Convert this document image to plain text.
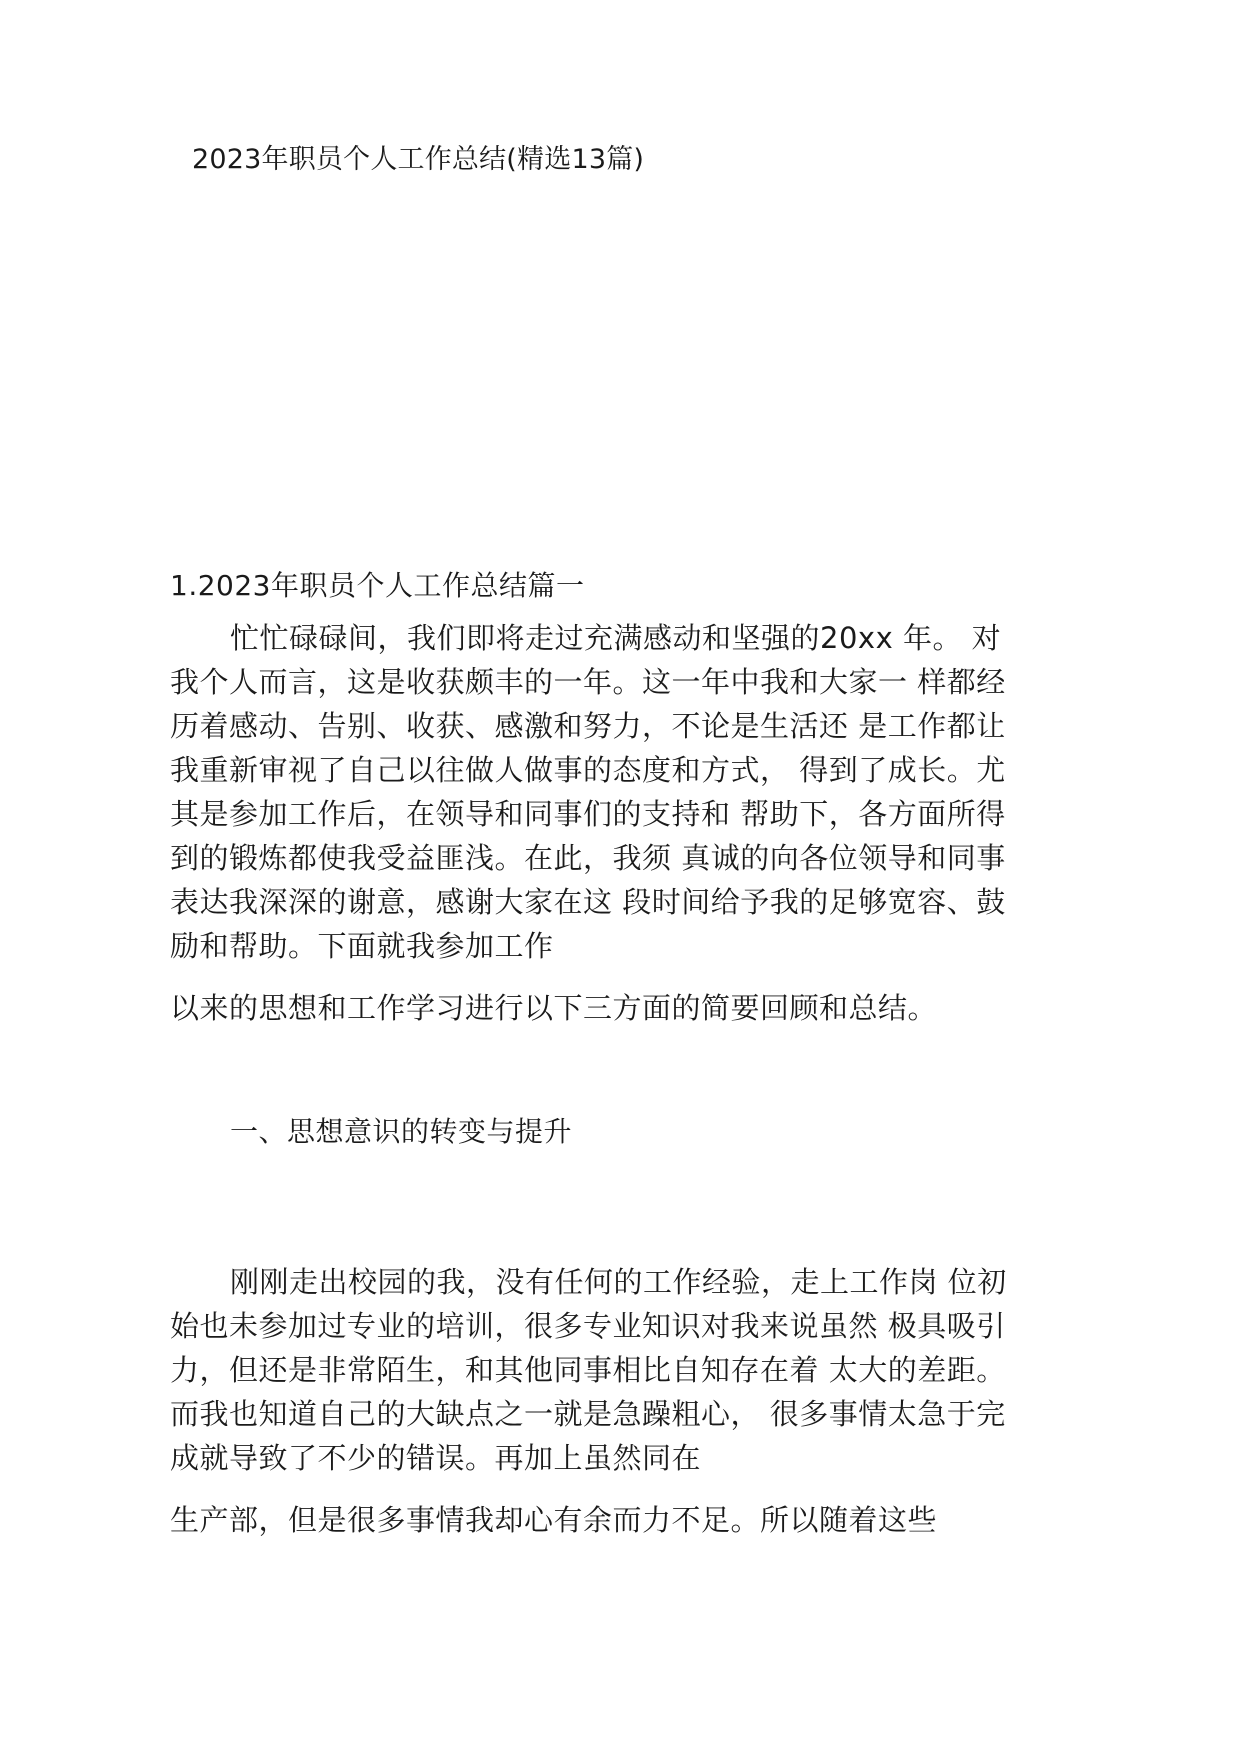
2023年职员个人工作总结(精选13篇)
1.2023年职员个人工作总结篇一
忙忙碌碌间，我们即将走过充满感动和坚强的20xx 年。 对
我个人而言，这是收获颇丰的一年。这一年中我和大家一 样都经
历着感动、告别、收获、感激和努力，不论是生活还 是工作都让
我重新审视了自己以往做人做事的态度和方式， 得到了成长。尤
其是参加工作后，在领导和同事们的支持和 帮助下，各方面所得
到的锻炼都使我受益匪浅。在此，我须 真诚的向各位领导和同事
表达我深深的谢意，感谢大家在这 段时间给予我的足够宽容、鼓
励和帮助。下面就我参加工作
以来的思想和工作学习进行以下三方面的简要回顾和总结。
一、思想意识的转变与提升
刚刚走出校园的我，没有任何的工作经验，走上工作岗 位初
始也未参加过专业的培训，很多专业知识对我来说虽然 极具吸引
力，但还是非常陌生，和其他同事相比自知存在着 太大的差距。
而我也知道自己的大缺点之一就是急躁粗心， 很多事情太急于完
成就导致了不少的错误。再加上虽然同在
生产部，但是很多事情我却心有余而力不足。所以随着这些
